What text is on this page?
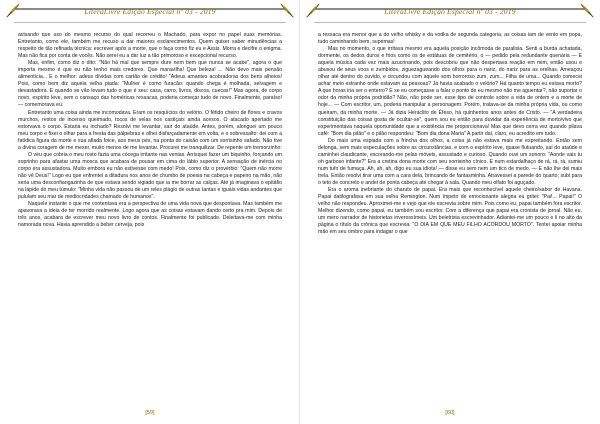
LiteraLivre Edição Especial nº 03 - 2019

avisando que uso do mesmo recurso do qual recorreu o Machado, para expor no papel suas memórias. Entretanto, como ele, também me recuso a dar maiores esclarecimentos. Quem quiser saber minudências a respeito de tão refinada técnica: escrever após a morte, que o faça como fiz eu e Assis. Morra e decifre o enigma. Mas não fica por conta de vocês. Não serei eu a dar luz a tão primoroso e excepcional recurso.

Mas, enfim, como diz o dito: "Não há mal que sempre dure nem bem que nunca se acabe", agora o que importa mesmo é que eu não tenho mais credores. Que maravilha! Que beleza! ... Não devo mais pensão alimentícia... E o melhor: adeus dívidas com cartão de crédito! "Adeus amantes acobradoras dos bens alheios! Pois, como bem diz aquela velha piada: "Mulher é como furacão: quando chega é molhada, selvagem e devastadora. E quando se vão levam tudo o que é seu: casa, carro, livros, discos, cuecas!" Mas agora, de corpo novo, espírito leve, sem o cansaço das homéricas ressacas, poderia começar tudo de novo. Finalmente, paraíso! — comemorava eu.

Entretanto uma coisa ainda me incomodava. Eram os resquícios do velório. O fétido cheiro de flores e cravos murchos, restos de incenso queimado, tocos de velas nos castiçais ainda acesos. O atacado apertado me estorvava o corpo. Estaria eu inchado? Resolvi me levantar, sair do ataúde. Antes, porém, alonguei um pouco meu corpo e fixei o olhar para a fresta das pálpebras e olhei disfarçadamente em volta, e o sobressalto: dei com a fatídica figura da morte e sua afiada foice, aos meus pés, na ponta do caixão com um sorrisinho safado. Não tive a divina coragem de me mexer, muito menos de me levantar. Procurei me tranquilizar. De repente um tremorzinho:

O véu que cobria o meu rosto fazia uma cócega irritante nas ventas. Arrisquei fazer um biquinho, forçando um soprinho para afastar uma mosca que acabara de pousar em cima do lábio superior. A sensação de inércia no corpo era assustadora. Muito embora eu não estivesse com medo! Pois, como diz o provérbio: "Quem não morre não vê Deus!" Logo eu que enfrentei a ditadura nos anos de chumbo de poesia na cabeça e papeiro na mão, não seria uma desconfiangazinha de que estava sendo vigiado que ia me borrar as calças. Até já imaginava o epitáfio na lápide do meu túmulo: "Minha vida não passou de um reles plágio de outras tantas e iguais vidas andantes que pululam seu mar de mediocridades chamado de humanos".

Naquele instante o que me contentava era a perspectiva de uma vida nova que despontava. Mas também me apavorava a ideia de ter morrido realmente. Logo agora que as coisas estavam dando certo pra mim. Depois de três anos, acabara de escrever meu novo livro de contos. Finalmente foi publicado. Deleitava-me com minha namorada nova. Havia aprendido a beber cerveja, pois

[59]
LiteraLivre Edição Especial nº 03 - 2019

a ressaca era menor que a do velho whisky e da vodka de segunda categoria, as coisas iam de vento em popa, tudo caminhando bem, suprimas!

Mas no momento, o que irritava mesmo era aquela posição incômoda de paralisia. Senti a burda achatada, dormente, os dedos duros e frios como os de estátuas de cemitério, o — pedido pela redundante quenária — E aquela música cada vez mais azucrinando, pois descobriu que não despertava reação em mim, então usou e abusou de seus voos e zumbidos, ziguezagueando dos olhos para o nariz, do nariz para as orelhas. Ameaçou olhar até dentro do ouvido, e circundou com aquele som horroroso zum, zum... Filha de uma... Quando comecei achar meio estranho onde estavam as pessoas? Já havia acabado o velório? Há quanto tempo eu estava morto? A que horas iria ser o enterro? E se eu começasse a falar o ponto de eu mesmo não me aguentar?, não suportar o odor da minha própria podridão? Não, não pode ser, esse tipo de controle sobre a vida de ontem e a morte de hoje... — Com escritor, um, poderia manipular a personagem. Porém, tratava-se da minha própria vida, ou como queiram, da minha morte. — Já dizia Heráclito de Éfeso, há quinhentos anos antes de Cristo. — "A verdadeira constituição das coisas gosta de ocultar-se", quem sou eu então para duvidar da experiência de morto/vivo que experimentava naquela oportunidade que a existência me proporcionava! Mas que devo cerra vez quando pilava café: "Bom dia pilão" e o pilão respondeu: "Bom dia dona Maria" A partir daí, claro, eu acredito em tudo.

Do mais uma espiada com a frincha dos olhos, a coisa já não estava mais me espreitando. Então sem delonga, sem mais especulações sobre as circunstâncias, e com o espírito leve, quase flutuando, saí do ataúde e caminhei claudicante, escorando-me pelas móveis, assustado e curioso. Quando ouvi um sonoro: "Aonde vais tu oh garboso infante?" Era a cretina dona morte com seu sorrisinho cínico. E num estardalhaço de rá, rá, rá, sumiu num tufo de fumaça. Ah, ah, ah, digo eu sua idiota! — disse eu sem nem um tico de medo. — E não lhe dei mais trela. Então resolvi tirar uma com a cara dela, brincando de fantasminha. Atravessei a parede do quarto; subi para o teto de concreto e andei de ponta cabeça até chegar à sala. Quando meu olfato foi aguçado.

Era o aroma inebriante do charuto de papai. Era mais que reconhecível aquele cheiro/sabor de Havana. Papai datilografava em sua velha Remington. Num ímpeto de emocionante alegria eu gritei: "Pai!... Papai!" O velho não respondeu. Aproximei-me e vejo que ele escrevia sobre mim. Pois como eu, papai também fora escritor. Melhor dizendo, como papai, eu também sou escritor. Com a diferença que papai era cronista de jornal. Não eu, um mero narrador de historietas inverossímeis. Um beletrista escrevinhador. Adiantei-me um pouco e li no alto da página o título da crônica que escrevia: "O DIA EM QUE MEU FILHO ACORDOU MORTO". Tentei apoiar minha mão em seu ombro para indagar o que

[60]
